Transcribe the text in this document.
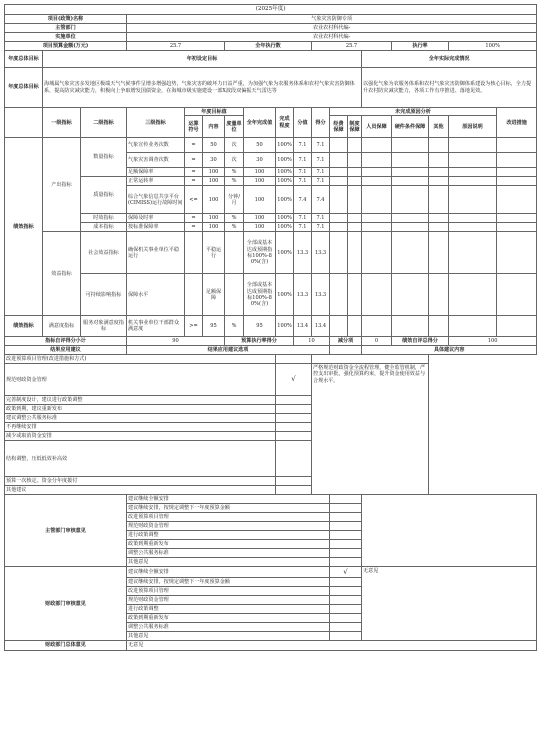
(2025年度)																	
项目(政策)名称			气象灾害防御专项														
主管部门			农业农村科代编-														
实施单位			农业农村科代编-														
项目预算金额(万元)			25.7			全年执行数				25.7				执行率		100%	
年度总体目标	年初设定目标												全年实际完成情况				
年度总体目标	海城属气象灾害多发地区极端天气气候事件呈增多增强趋势，气象灾害的破坏力日益严重，为加强气象为农服务体系和农村气象灾害防御体系，提高防灾减灾能力，积极向上争取增发国债资金，在海城市级实施建设一部X波段双偏振天气雷达等												以强化气象为农服务体系和农村气象灾害防御体系建设为核心目标，全力提升农村防灾减灾能力，各项工作有序推进、落地见效。				
	一级指标	二级指标	三级指标	年度目标值			全年完成值	完成程度	分值	得分	未完成原因分析						改进措施
				运算符号	内容	度量单位					经费保障	制度保障	人员保障	硬件条件保障	其他	原因说明	
绩效指标	产出指标	数量指标	气象宣传业务次数	=	50	次	50	100%	7.1	7.1							
			气象灾害调查次数	=	30	次	30	100%	7.1	7.1							
			足额保障率	=	100	%	100	100%	7.1	7.1							
		质量指标	正常运转率	=	100	%	100	100%	7.1	7.1							
			综合气象信息共享平台(CIMISS)运行故障时间	<=	100	分钟/月	100	100%	7.4	7.4							
		时效指标	保障及时率	=	100	%	100	100%	7.1	7.1							
		成本指标	按标准保障率	=	100	%	100	100%	7.1	7.1							
	效益指标	社会效益指标	确保机关事业单位平稳运行		平稳运行		全部或基本达成预期指标100%-80%(含)	100%	13.3	13.3							
		可持续影响指标	保障水平		足额保障		全部或基本达成预期指标100%-80%(含)	100%	13.3	13.3							
绩效指标	满意度指标	服务对象满意度指标	机关事业单位干部群众满意度	>=	95	%	95	100%	13.4	13.4							
指标自评得分小计			90			预算执行率得分			10		减分项		0	绩效自评总得分		100	
结果应用建议			结果应用建议选项										具体建议内容				
改进预算项目管理(改进措施和方式)																	
规范财政资金管理								√		严格规范财政资金全流程管理，健全监管机制，严控支出审批，强化预算约束，提升资金使用效益与合规水平。							
完善制度设计，建议进行政策调整																	
政策到期，建议重新发布																	
建议调整公共服务标准																	
不再继续安排																	
减少或取消资金安排																	
结构调整，压低低效补高效																	
预算一次核定、资金分年度拨付																	
其他建议																	
主管部门审核意见			建议继续全额安排														
			建议继续安排，按规定调整下一年度预算金额														
			改进预算项目管理														
			规范财政资金管理														
			进行政策调整														
			政策到期重新发布														
			调整公共服务标准														
			其他意见														
财政部门审核意见			建议继续全额安排								√		无意见				
			建议继续安排，按规定调整下一年度预算金额														
			改进预算项目管理														
			规范财政资金管理														
			进行政策调整														
			政策到期重新发布														
			调整公共服务标准														
			其他意见														
财政部门总体意见			无意见														
